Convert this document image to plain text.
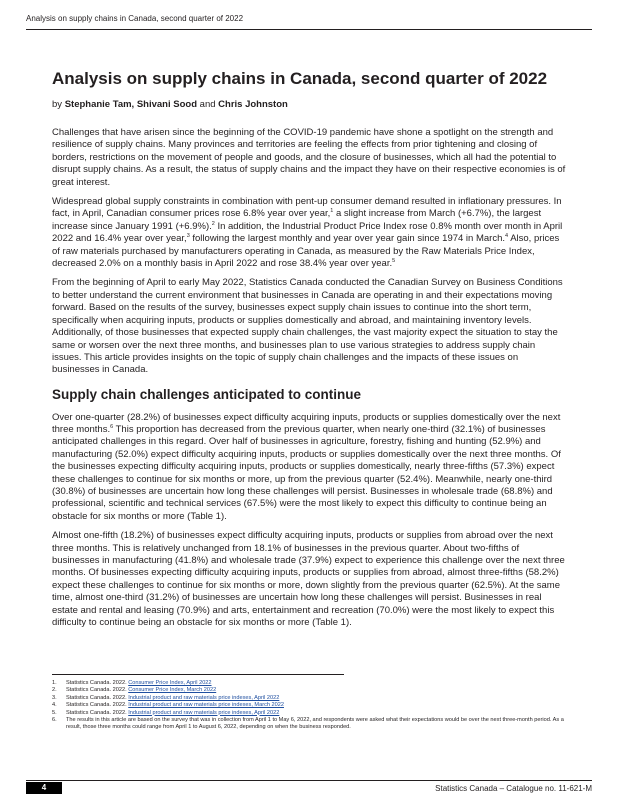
Analysis on supply chains in Canada, second quarter of 2022
Analysis on supply chains in Canada, second quarter of 2022
by Stephanie Tam, Shivani Sood and Chris Johnston

Challenges that have arisen since the beginning of the COVID-19 pandemic have shone a spotlight on the strength and resilience of supply chains. Many provinces and territories are feeling the effects from prior tightening and closing of borders, restrictions on the movement of people and goods, and the closure of businesses, which all had the potential to disrupt supply chains. As a result, the status of supply chains and the impact they have on their respective economies is of great interest.

Widespread global supply constraints in combination with pent-up consumer demand resulted in inflationary pressures. In fact, in April, Canadian consumer prices rose 6.8% year over year,$^1$ a slight increase from March (+6.7%), the largest increase since January 1991 (+6.9%).$^2$ In addition, the Industrial Product Price Index rose 0.8% month over month in April 2022 and 16.4% year over year,$^3$ following the largest monthly and year over year gain since 1974 in March.$^4$ Also, prices of raw materials purchased by manufacturers operating in Canada, as measured by the Raw Materials Price Index, decreased 2.0% on a monthly basis in April 2022 and rose 38.4% year over year.$^5$

From the beginning of April to early May 2022, Statistics Canada conducted the Canadian Survey on Business Conditions to better understand the current environment that businesses in Canada are operating in and their expectations moving forward. Based on the results of the survey, businesses expect supply chain issues to continue into the short term, specifically when acquiring inputs, products or supplies domestically and abroad, and maintaining inventory levels. Additionally, of those businesses that expected supply chain challenges, the vast majority expect the situation to stay the same or worsen over the next three months, and businesses plan to use various strategies to address supply chain issues. This article provides insights on the topic of supply chain challenges and the impacts of these issues on businesses in Canada.

Supply chain challenges anticipated to continue

Over one-quarter (28.2%) of businesses expect difficulty acquiring inputs, products or supplies domestically over the next three months.$^6$ This proportion has decreased from the previous quarter, when nearly one-third (32.1%) of businesses anticipated challenges in this regard. Over half of businesses in agriculture, forestry, fishing and hunting (52.9%) and manufacturing (52.0%) expect difficulty acquiring inputs, products or supplies domestically over the next three months. Of the businesses expecting difficulty acquiring inputs, products or supplies domestically, nearly three-fifths (57.3%) expect these challenges to continue for six months or more, up from the previous quarter (52.4%). Meanwhile, nearly one-third (30.8%) of businesses are uncertain how long these challenges will persist. Businesses in wholesale trade (68.8%) and professional, scientific and technical services (67.5%) were the most likely to expect this difficulty to continue being an obstacle for six months or more (Table 1).

Almost one-fifth (18.2%) of businesses expect difficulty acquiring inputs, products or supplies from abroad over the next three months. This is relatively unchanged from 18.1% of businesses in the previous quarter. About two-fifths of businesses in manufacturing (41.8%) and wholesale trade (37.9%) expect to experience this challenge over the next three months. Of businesses expecting difficulty acquiring inputs, products or supplies from abroad, almost three-fifths (58.2%) expect these challenges to continue for six months or more, down slightly from the previous quarter (62.5%). At the same time, almost one-third (31.2%) of businesses are uncertain how long these challenges will persist. Businesses in real estate and rental and leasing (70.9%) and arts, entertainment and recreation (70.0%) were the most likely to expect this difficulty to continue being an obstacle for six months or more (Table 1).

1.	Statistics Canada. 2022. Consumer Price Index, April 2022
2.	Statistics Canada. 2022. Consumer Price Index, March 2022
3.	Statistics Canada. 2022. Industrial product and raw materials price indexes, April 2022
4.	Statistics Canada. 2022. Industrial product and raw materials price indexes, March 2022
5.	Statistics Canada. 2022. Industrial product and raw materials price indexes, April 2022
6.	The results in this article are based on the survey that was in collection from April 1 to May 6, 2022, and respondents were asked what their expectations would be over the next three-month period. As a result, those three months could range from April 1 to August 6, 2022, depending on when the business responded.
4	Statistics Canada – Catalogue no. 11-621-M
